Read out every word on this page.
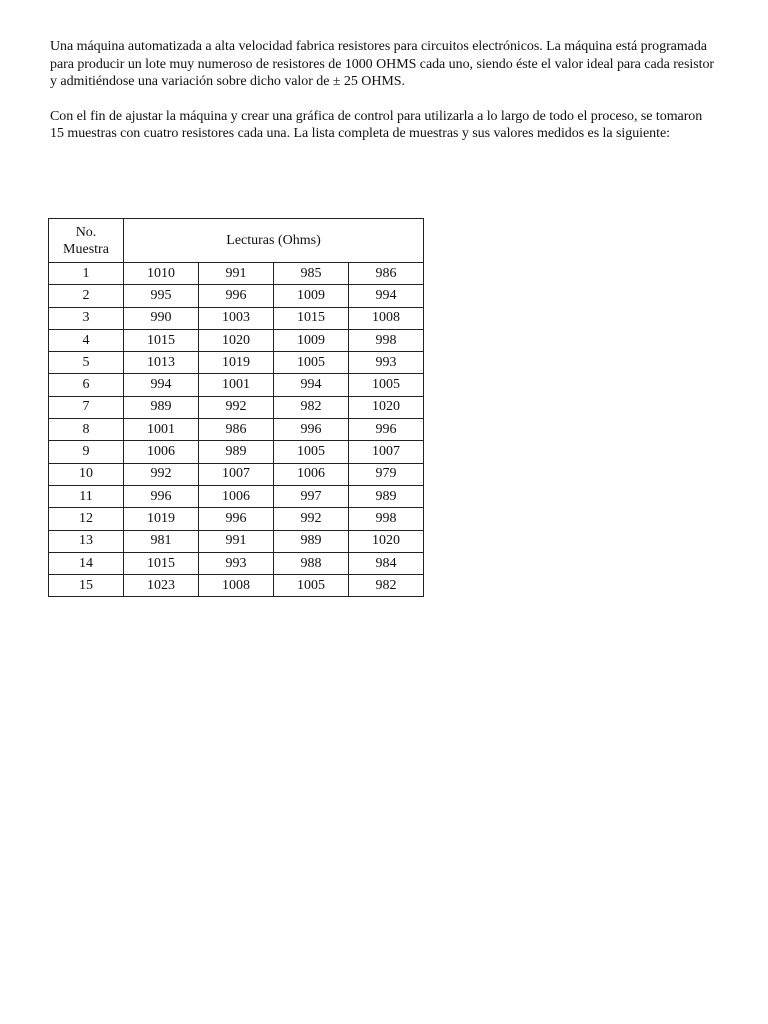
Una máquina automatizada a alta velocidad fabrica resistores para circuitos electrónicos. La máquina está programada para producir un lote muy numeroso de resistores de 1000 OHMS cada uno, siendo éste el valor ideal para cada resistor y admitiéndose una variación sobre dicho valor de ± 25 OHMS.

Con el fin de ajustar la máquina y crear una gráfica de control para utilizarla a lo largo de todo el proceso, se tomaron 15 muestras con cuatro resistores cada una. La lista completa de muestras y sus valores medidos es la siguiente:

No.
Muestra	Lecturas (Ohms)			
1	1010	991	985	986
2	995	996	1009	994
3	990	1003	1015	1008
4	1015	1020	1009	998
5	1013	1019	1005	993
6	994	1001	994	1005
7	989	992	982	1020
8	1001	986	996	996
9	1006	989	1005	1007
10	992	1007	1006	979
11	996	1006	997	989
12	1019	996	992	998
13	981	991	989	1020
14	1015	993	988	984
15	1023	1008	1005	982
